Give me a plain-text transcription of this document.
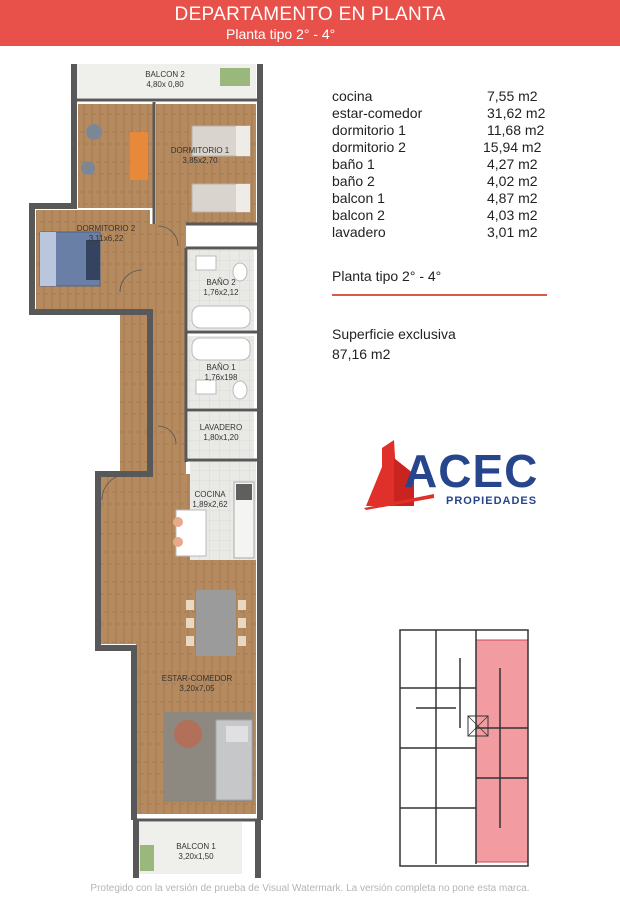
DEPARTAMENTO EN PLANTA
Planta tipo 2° - 4°
BALCON 2
4,80x 0,80
DORMITORIO 1
3,85x2,70
DORMITORIO 2
3,11x6,22
BAÑO 2
1,76x2,12
BAÑO 1
1,76x198
LAVADERO
1,80x1,20
COCINA
1,89x2,62
ESTAR-COMEDOR
3,20x7,05
BALCON 1
3,20x1,50
cocina	7,55 m2
estar-comedor	31,62 m2
dormitorio 1	11,68 m2
dormitorio 2	15,94 m2
baño 1	4,27 m2
baño 2	4,02 m2
balcon 1	4,87 m2
balcon 2	4,03 m2
lavadero	3,01 m2
Planta tipo 2° - 4°
Superficie exclusiva
87,16 m2
ACEC
PROPIEDADES
Protegido con la versión de prueba de Visual Watermark. La versión completa no pone esta marca.
